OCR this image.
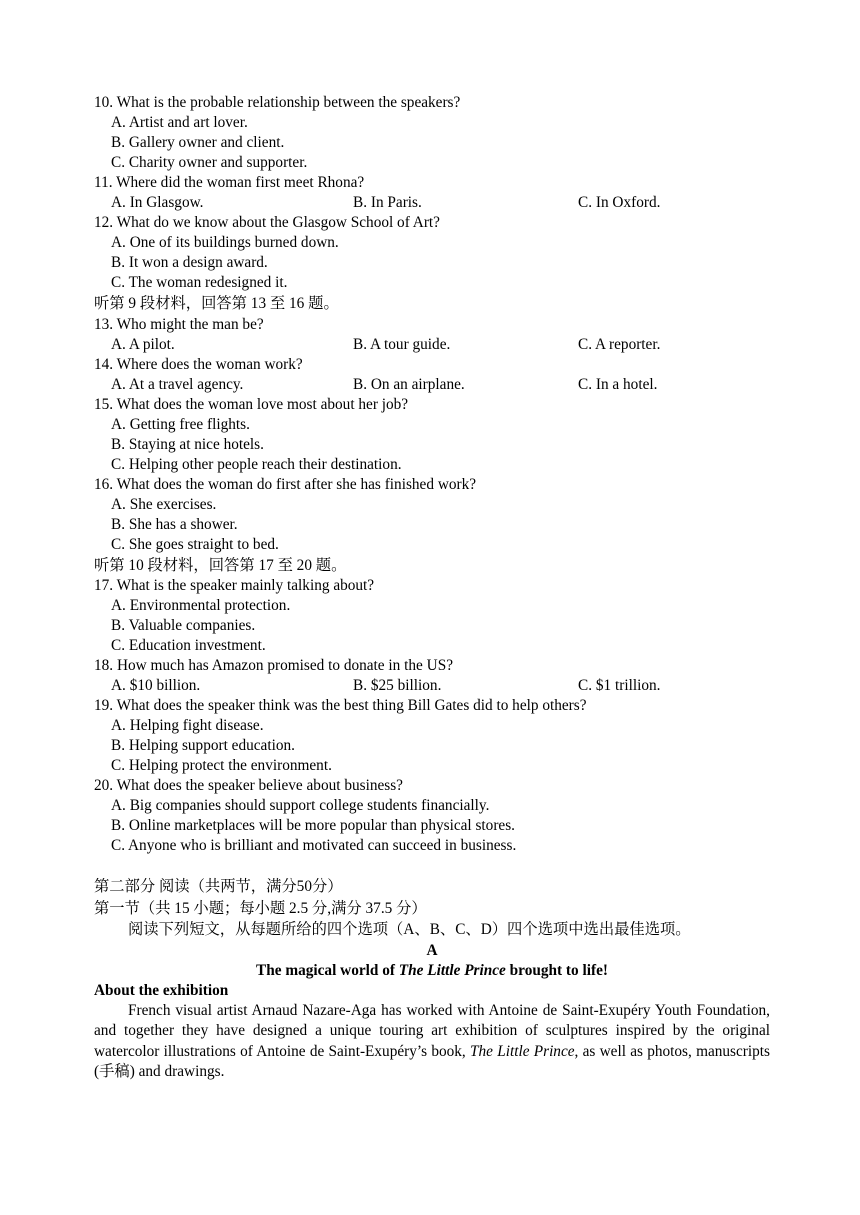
10. What is the probable relationship between the speakers?
A. Artist and art lover.
B. Gallery owner and client.
C. Charity owner and supporter.
11. Where did the woman first meet Rhona?
A. In Glasgow.	B. In Paris.	C. In Oxford.
12. What do we know about the Glasgow School of Art?
A. One of its buildings burned down.
B. It won a design award.
C. The woman redesigned it.
听第 9 段材料，回答第 13 至 16 题。
13. Who might the man be?
A. A pilot.	B. A tour guide.	C. A reporter.
14. Where does the woman work?
A. At a travel agency.	B. On an airplane.	C. In a hotel.
15. What does the woman love most about her job?
A. Getting free flights.
B. Staying at nice hotels.
C. Helping other people reach their destination.
16. What does the woman do first after she has finished work?
A. She exercises.
B. She has a shower.
C. She goes straight to bed.
听第 10 段材料，回答第 17 至 20 题。
17. What is the speaker mainly talking about?
A. Environmental protection.
B. Valuable companies.
C. Education investment.
18. How much has Amazon promised to donate in the US?
A. $10 billion.	B. $25 billion.	C. $1 trillion.
19. What does the speaker think was the best thing Bill Gates did to help others?
A. Helping fight disease.
B. Helping support education.
C. Helping protect the environment.
20. What does the speaker believe about business?
A. Big companies should support college students financially.
B. Online marketplaces will be more popular than physical stores.
C. Anyone who is brilliant and motivated can succeed in business.
第二部分 阅读（共两节，满分50分）
第一节（共 15 小题；每小题 2.5 分,满分 37.5 分）
阅读下列短文，从每题所给的四个选项（A、B、C、D）四个选项中选出最佳选项。
A
The magical world of The Little Prince brought to life!
About the exhibition
French visual artist Arnaud Nazare-Aga has worked with Antoine de Saint-Exupéry Youth Foundation, and together they have designed a unique touring art exhibition of sculptures inspired by the original watercolor illustrations of Antoine de Saint-Exupéry’s book, The Little Prince, as well as photos, manuscripts (手稿) and drawings.
